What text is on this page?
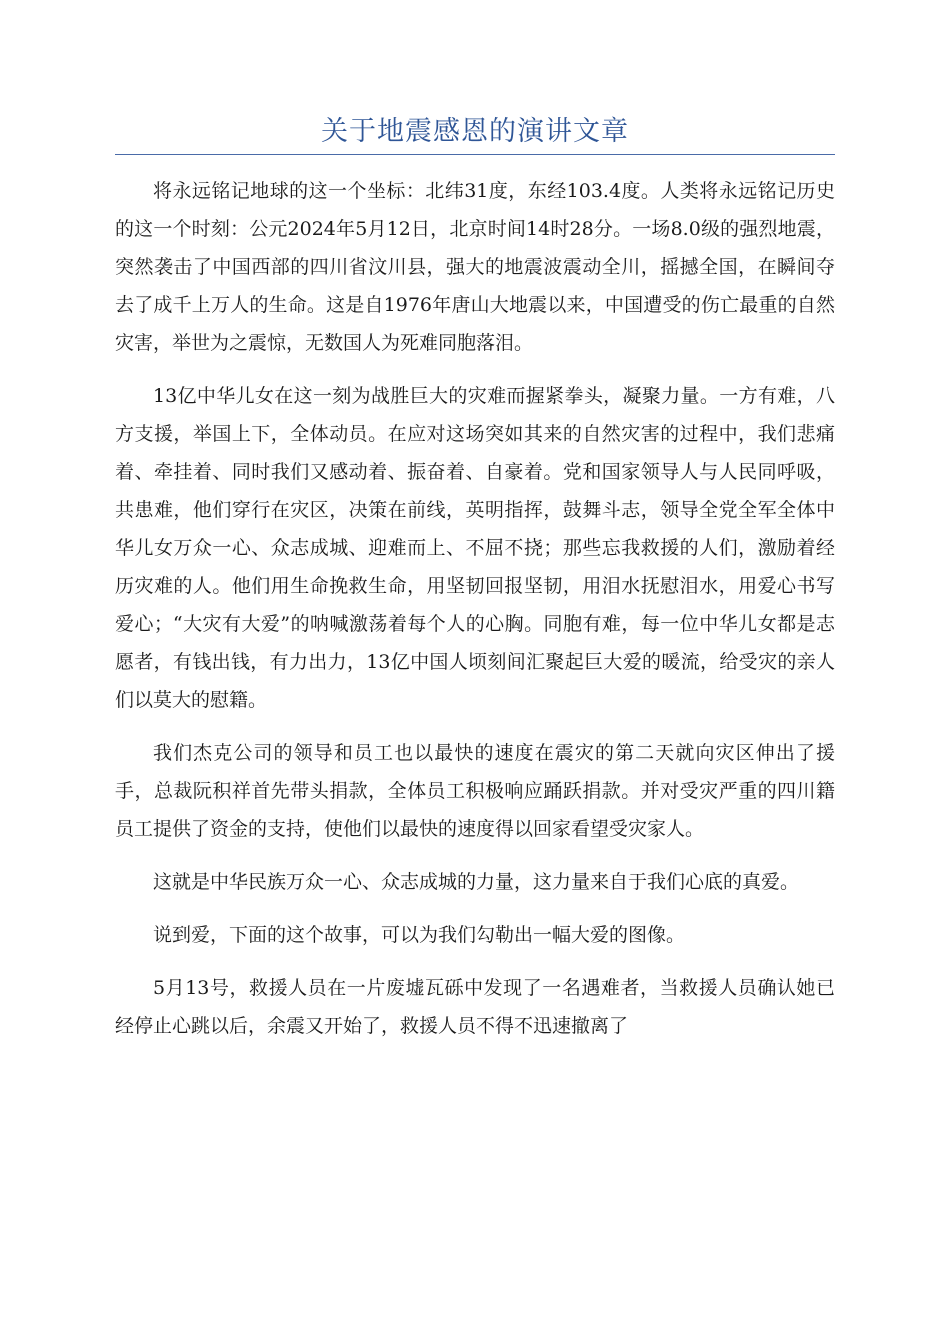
关于地震感恩的演讲文章

将永远铭记地球的这一个坐标：北纬31度，东经103.4度。人类将永远铭记历史的这一个时刻：公元2024年5月12日，北京时间14时28分。一场8.0级的强烈地震，突然袭击了中国西部的四川省汶川县，强大的地震波震动全川，摇撼全国，在瞬间夺去了成千上万人的生命。这是自1976年唐山大地震以来，中国遭受的伤亡最重的自然灾害，举世为之震惊，无数国人为死难同胞落泪。

13亿中华儿女在这一刻为战胜巨大的灾难而握紧拳头，凝聚力量。一方有难，八方支援，举国上下，全体动员。在应对这场突如其来的自然灾害的过程中，我们悲痛着、牵挂着、同时我们又感动着、振奋着、自豪着。党和国家领导人与人民同呼吸，共患难，他们穿行在灾区，决策在前线，英明指挥，鼓舞斗志，领导全党全军全体中华儿女万众一心、众志成城、迎难而上、不屈不挠；那些忘我救援的人们，激励着经历灾难的人。他们用生命挽救生命，用坚韧回报坚韧，用泪水抚慰泪水，用爱心书写爱心；“大灾有大爱”的呐喊激荡着每个人的心胸。同胞有难，每一位中华儿女都是志愿者，有钱出钱，有力出力，13亿中国人顷刻间汇聚起巨大爱的暖流，给受灾的亲人们以莫大的慰籍。

我们杰克公司的领导和员工也以最快的速度在震灾的第二天就向灾区伸出了援手，总裁阮积祥首先带头捐款，全体员工积极响应踊跃捐款。并对受灾严重的四川籍员工提供了资金的支持，使他们以最快的速度得以回家看望受灾家人。

这就是中华民族万众一心、众志成城的力量，这力量来自于我们心底的真爱。

说到爱，下面的这个故事，可以为我们勾勒出一幅大爱的图像。

5月13号，救援人员在一片废墟瓦砾中发现了一名遇难者，当救援人员确认她已经停止心跳以后，余震又开始了，救援人员不得不迅速撤离了
